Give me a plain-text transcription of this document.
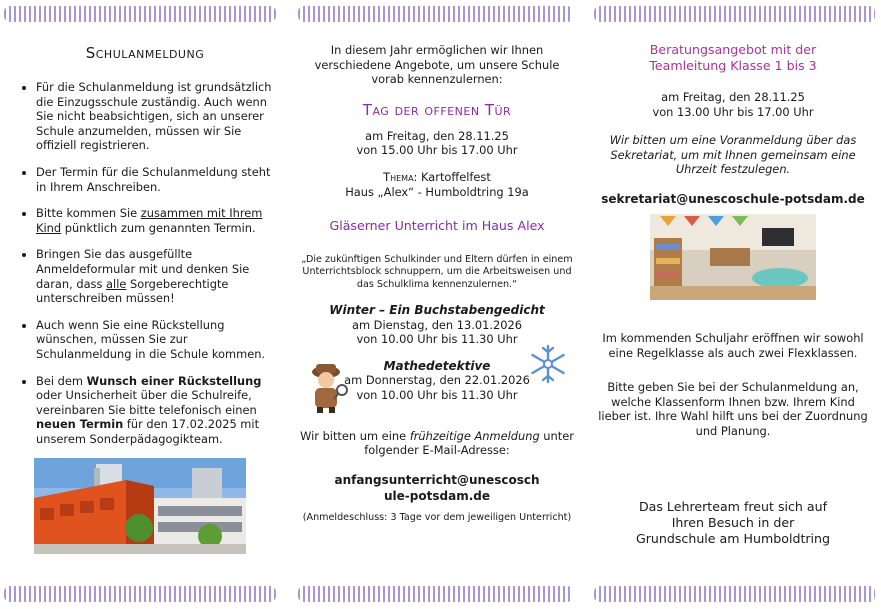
Schulanmeldung
• Für die Schulanmeldung ist grundsätzlich die Einzugsschule zuständig. Auch wenn Sie nicht beabsichtigen, sich an unserer Schule anzumelden, müssen wir Sie offiziell registrieren.
• Der Termin für die Schulanmeldung steht in Ihrem Anschreiben.
• Bitte kommen Sie zusammen mit Ihrem Kind pünktlich zum genannten Termin.
• Bringen Sie das ausgefüllte Anmeldeformular mit und denken Sie daran, dass alle Sorgeberechtigte unterschreiben müssen!
• Auch wenn Sie eine Rückstellung wünschen, müssen Sie zur Schulanmeldung in die Schule kommen.
• Bei dem Wunsch einer Rückstellung oder Unsicherheit über die Schulreife, vereinbaren Sie bitte telefonisch einen neuen Termin für den 17.02.2025 mit unserem Sonderpädagogikteam.

In diesem Jahr ermöglichen wir Ihnen verschiedene Angebote, um unsere Schule vorab kennenzulernen:

Tag der offenen Tür

am Freitag, den 28.11.25

von 15.00 Uhr bis 17.00 Uhr

Thema: Kartoffelfest

Haus „Alex“ - Humboldtring 19a

Gläserner Unterricht im Haus Alex

„Die zukünftigen Schulkinder und Eltern dürfen in einem Unterrichtsblock schnuppern, um die Arbeitsweisen und das Schulklima kennenzulernen.“

Winter – Ein Buchstabengedicht

am Dienstag, den 13.01.2026

von 10.00 Uhr bis 11.30 Uhr

Mathedetektive

am Donnerstag, den 22.01.2026

von 10.00 Uhr bis 11.30 Uhr

Wir bitten um eine frühzeitige Anmeldung unter folgender E-Mail-Adresse:

anfangsunterricht@unescoschule-potsdam.de

(Anmeldeschluss: 3 Tage vor dem jeweiligen Unterricht)

Beratungsangebot mit der Teamleitung Klasse 1 bis 3

am Freitag, den 28.11.25

von 13.00 Uhr bis 17.00 Uhr

Wir bitten um eine Voranmeldung über das Sekretariat, um mit Ihnen gemeinsam eine Uhrzeit festzulegen.

sekretariat@unescoschule-potsdam.de

Im kommenden Schuljahr eröffnen wir sowohl eine Regelklasse als auch zwei Flexklassen.

Bitte geben Sie bei der Schulanmeldung an, welche Klassenform Ihnen bzw. Ihrem Kind lieber ist. Ihre Wahl hilft uns bei der Zuordnung und Planung.

Das Lehrerteam freut sich auf Ihren Besuch in der Grundschule am Humboldtring
